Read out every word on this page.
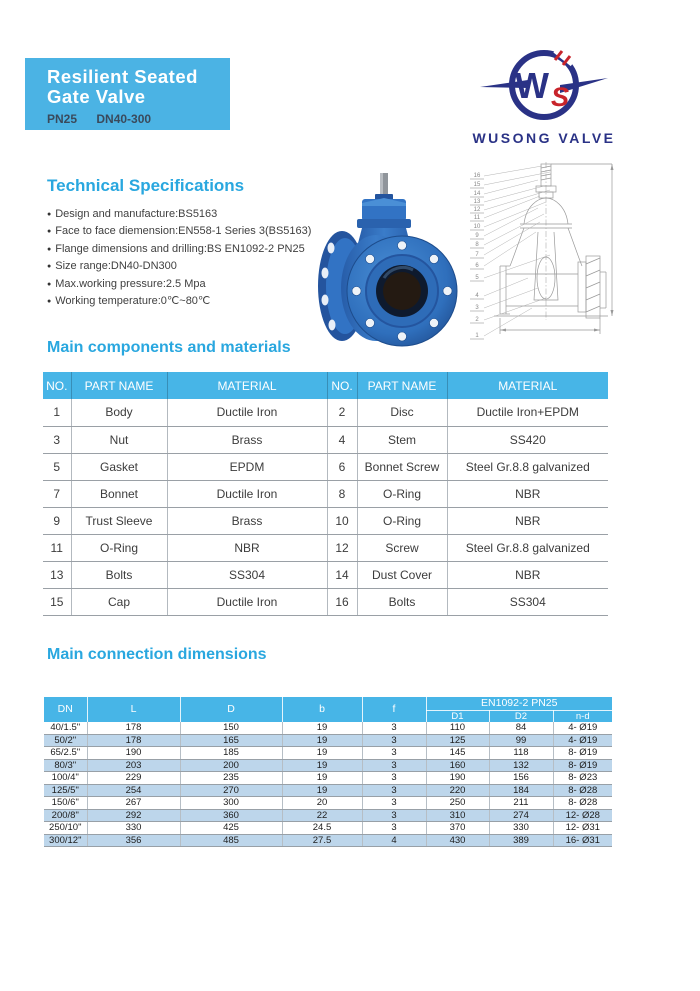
Resilient Seated
Gate Valve
PN25 DN40-300
W S
WUSONG VALVE
Technical Specifications
● Design and manufacture:BS5163
● Face to face diemension:EN558-1 Series 3(BS5163)
● Flange dimensions and drilling:BS EN1092-2 PN25
● Size range:DN40-DN300
● Max.working pressure:2.5 Mpa
● Working temperature:0℃~80℃
16
15
14
13
12
11
10
9
8
7
6
5
4
3
2
1
Main components and materials
NO.	PART NAME	MATERIAL	NO.	PART NAME	MATERIAL
1	Body	Ductile Iron	2	Disc	Ductile Iron+EPDM
3	Nut	Brass	4	Stem	SS420
5	Gasket	EPDM	6	Bonnet Screw	Steel Gr.8.8 galvanized
7	Bonnet	Ductile Iron	8	O-Ring	NBR
9	Trust Sleeve	Brass	10	O-Ring	NBR
11	O-Ring	NBR	12	Screw	Steel Gr.8.8 galvanized
13	Bolts	SS304	14	Dust Cover	NBR
15	Cap	Ductile Iron	16	Bolts	SS304
Main connection dimensions
DN	L	D	b	f	EN1092-2 PN25		
					D1	D2	n-d
40/1.5"	178	150	19	3	110	84	4- Ø19
50/2"	178	165	19	3	125	99	4- Ø19
65/2.5"	190	185	19	3	145	118	8- Ø19
80/3"	203	200	19	3	160	132	8- Ø19
100/4"	229	235	19	3	190	156	8- Ø23
125/5"	254	270	19	3	220	184	8- Ø28
150/6"	267	300	20	3	250	211	8- Ø28
200/8"	292	360	22	3	310	274	12- Ø28
250/10"	330	425	24.5	3	370	330	12- Ø31
300/12"	356	485	27.5	4	430	389	16- Ø31
